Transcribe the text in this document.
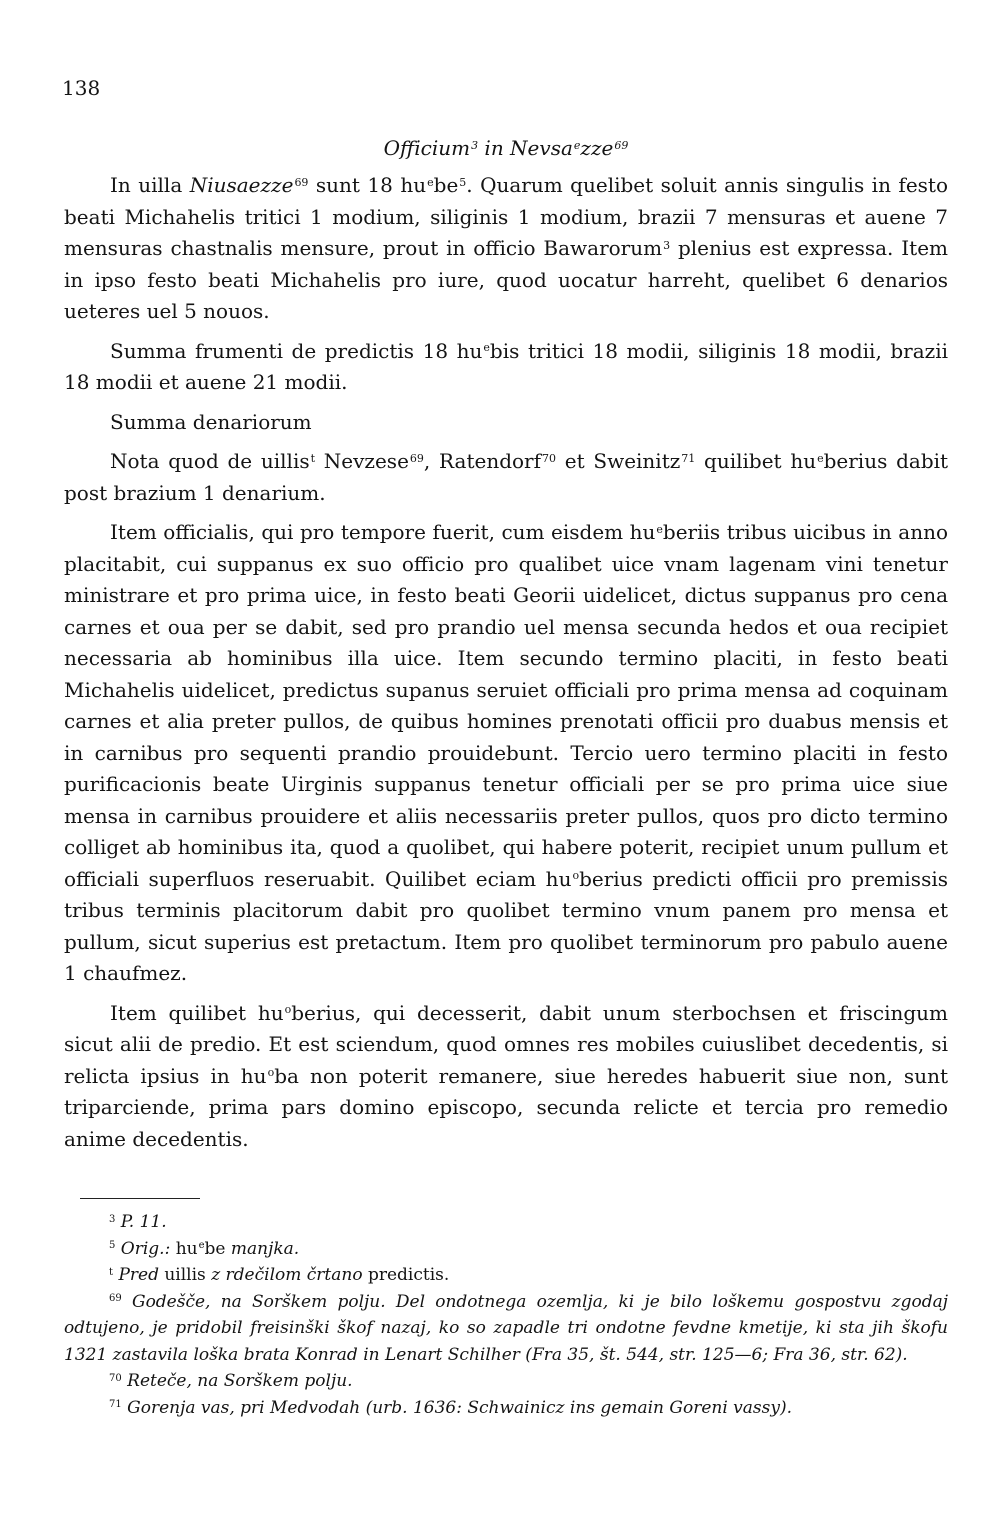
138

Officium$^3$ in Nevsa$^e$zze$^{69}$

In uilla Niusaezze$^{69}$ sunt 18 $hu^ebe^5$. Quarum quelibet soluit annis singulis in festo beati Michahelis tritici 1 modium, siliginis 1 modium, brazii 7 mensuras et auene 7 mensuras chastnalis mensure, prout in officio Bawarorum$^3$ plenius est expressa. Item in ipso festo beati Michahelis pro iure, quod uocatur harreht, quelibet 6 denarios ueteres uel 5 nouos.

Summa frumenti de predictis 18 $hu^ebis$ tritici 18 modii, siliginis 18 modii, brazii 18 modii et auene 21 modii.

Summa denariorum

Nota quod de uillis$^t$ Nevzese$^{69}$, Ratendorf$^{70}$ et Sweinitz$^{71}$ quilibet $hu^eberius$ dabit post brazium 1 denarium.

Item officialis, qui pro tempore fuerit, cum eisdem $hu^eberiis$ tribus uicibus in anno placitabit, cui suppanus ex suo officio pro qualibet uice vnam lagenam vini tenetur ministrare et pro prima uice, in festo beati Georii uidelicet, dictus suppanus pro cena carnes et oua per se dabit, sed pro prandio uel mensa secunda hedos et oua recipiet necessaria ab hominibus illa uice. Item secundo termino placiti, in festo beati Michahelis uidelicet, predictus supanus seruiet officiali pro prima mensa ad coquinam carnes et alia preter pullos, de quibus homines prenotati officii pro duabus mensis et in carnibus pro sequenti prandio prouidebunt. Tercio uero termino placiti in festo purificacionis beate Uirginis suppanus tenetur officiali per se pro prima uice siue mensa in carnibus prouidere et aliis necessariis preter pullos, quos pro dicto termino colliget ab hominibus ita, quod a quolibet, qui habere poterit, recipiet unum pullum et officiali superfluos reseruabit. Quilibet eciam $hu^oberius$ predicti officii pro premissis tribus terminis placitorum dabit pro quolibet termino vnum panem pro mensa et pullum, sicut superius est pretactum. Item pro quolibet terminorum pro pabulo auene 1 chaufmez.

Item quilibet $hu^oberius$, qui decesserit, dabit unum sterbochsen et friscingum sicut alii de predio. Et est sciendum, quod omnes res mobiles cuiuslibet decedentis, si relicta ipsius in $hu^oba$ non poterit remanere, siue heredes habuerit siue non, sunt triparciende, prima pars domino episcopo, secunda relicte et tercia pro remedio anime decedentis.

$^3$ P. 11.

$^5$ Orig.: $hu^ebe$ manjka.

$^t$ Pred uillis z rdečilom črtano predictis.

$^{69}$ Godešče, na Sorškem polju. Del ondotnega ozemlja, ki je bilo loškemu gospostvu zgodaj odtujeno, je pridobil freisinški škof nazaj, ko so zapadle tri ondotne fevdne kmetije, ki sta jih škofu 1321 zastavila loška brata Konrad in Lenart Schilher (Fra 35, št. 544, str. 125—6; Fra 36, str. 62).

$^{70}$ Reteče, na Sorškem polju.

$^{71}$ Gorenja vas, pri Medvodah (urb. 1636: Schwainicz ins gemain Goreni vassy).
